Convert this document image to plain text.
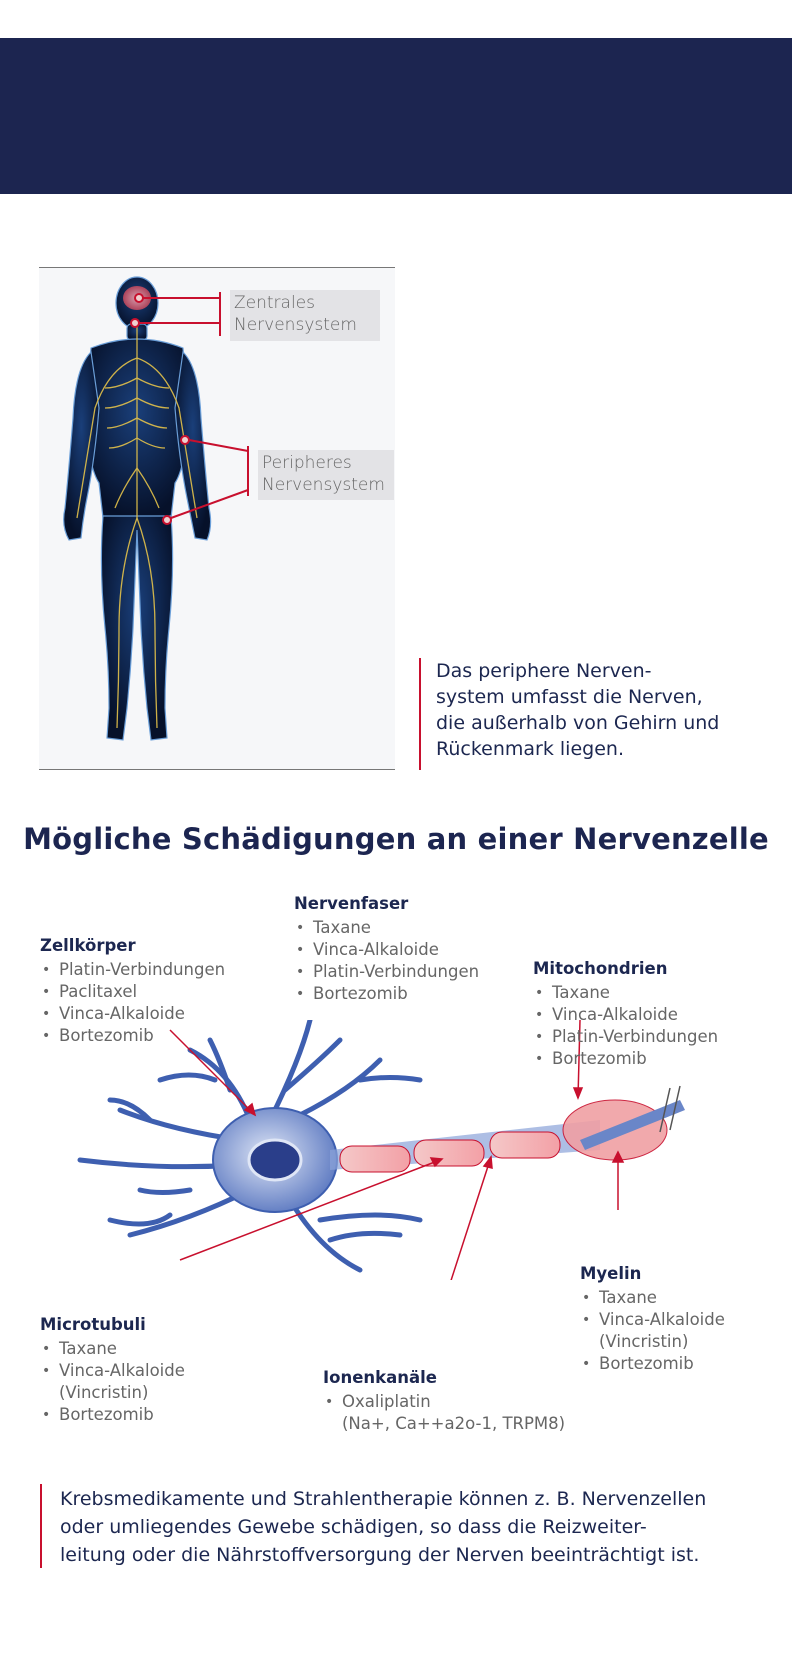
Zentrales
Nervensystem
Peripheres
Nervensystem
Das periphere Nerven-
system umfasst die Nerven,
die außerhalb von Gehirn und
Rückenmark liegen.
Mögliche Schädigungen an einer Nervenzelle
Zellkörper
• Platin-Verbindungen
• Paclitaxel
• Vinca-Alkaloide
• Bortezomib
Nervenfaser
• Taxane
• Vinca-Alkaloide
• Platin-Verbindungen
• Bortezomib
Mitochondrien
• Taxane
• Vinca-Alkaloide
• Platin-Verbindungen
• Bortezomib
Myelin
• Taxane
• Vinca-Alkaloide
(Vincristin)
• Bortezomib
Microtubuli
• Taxane
• Vinca-Alkaloide
(Vincristin)
• Bortezomib
Ionenkanäle
• Oxaliplatin
(Na+, Ca++a2o-1, TRPM8)
Krebsmedikamente und Strahlentherapie können z. B. Nervenzellen
oder umliegendes Gewebe schädigen, so dass die Reizweiter-
leitung oder die Nährstoffversorgung der Nerven beeinträchtigt ist.
